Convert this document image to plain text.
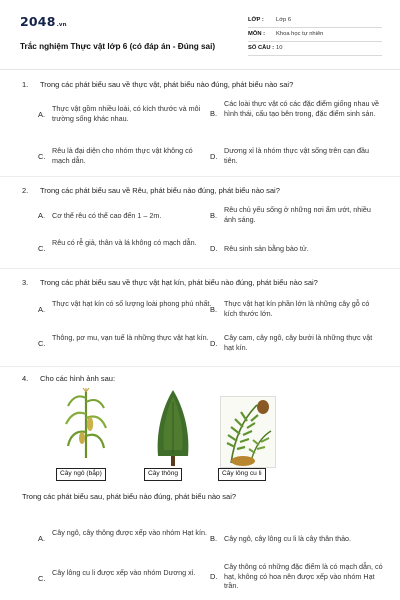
2048.vn
Trắc nghiệm Thực vật lớp 6 (có đáp án - Đúng sai)
LỚP : Lớp 6
MÔN : Khoa học tự nhiên
SỐ CÂU : 10
1. Trong các phát biểu sau về thực vật, phát biểu nào đúng, phát biểu nào sai?
A.
Thực vật gồm nhiều loài, có kích thước và môi trường sống khác nhau.
B.
Các loài thực vật có các đặc điểm giống nhau về hình thái, cấu tạo bên trong, đặc điểm sinh sản.
C.
Rêu là đại diện cho nhóm thực vật không có mạch dẫn.	D.
Dương xỉ là nhóm thực vật sống trên cạn đầu tiên.
2. Trong các phát biểu sau về Rêu, phát biểu nào đúng, phát biểu nào sai?
A. Cơ thể rêu có thể cao đến 1 – 2m.	B.
Rêu chủ yếu sống ở những nơi ẩm ướt, nhiều ánh sáng.
C.
Rêu có rễ giả, thân và lá không có mạch dẫn.
D. Rêu sinh sản bằng bào tử.
3. Trong các phát biểu sau về thực vật hạt kín, phát biểu nào đúng, phát biểu nào sai?
A.
Thực vật hạt kín có số lượng loài phong phú nhất.
B.
Thực vật hạt kín phần lớn là những cây gỗ có kích thước lớn.
C.
Thông, pơ mu, vạn tuế là những thực vật hạt kín.
D.
Cây cam, cây ngô, cây bưởi là những thực vật hạt kín.
4. Cho các hình ảnh sau:
Cây ngô (bắp)	Cây thông	Cây lông cu li
Trong các phát biểu sau, phát biểu nào đúng, phát biểu nào sai?
A.
Cây ngô, cây thông được xếp vào nhóm Hạt kín.
B. Cây ngô, cây lông cu li là cây thân thảo.
C.
Cây lông cu li được xếp vào nhóm Dương xỉ.	D.
Cây thông có những đặc điểm là có mạch dẫn, có hạt, không có hoa nên được xếp vào nhóm Hạt trần.
